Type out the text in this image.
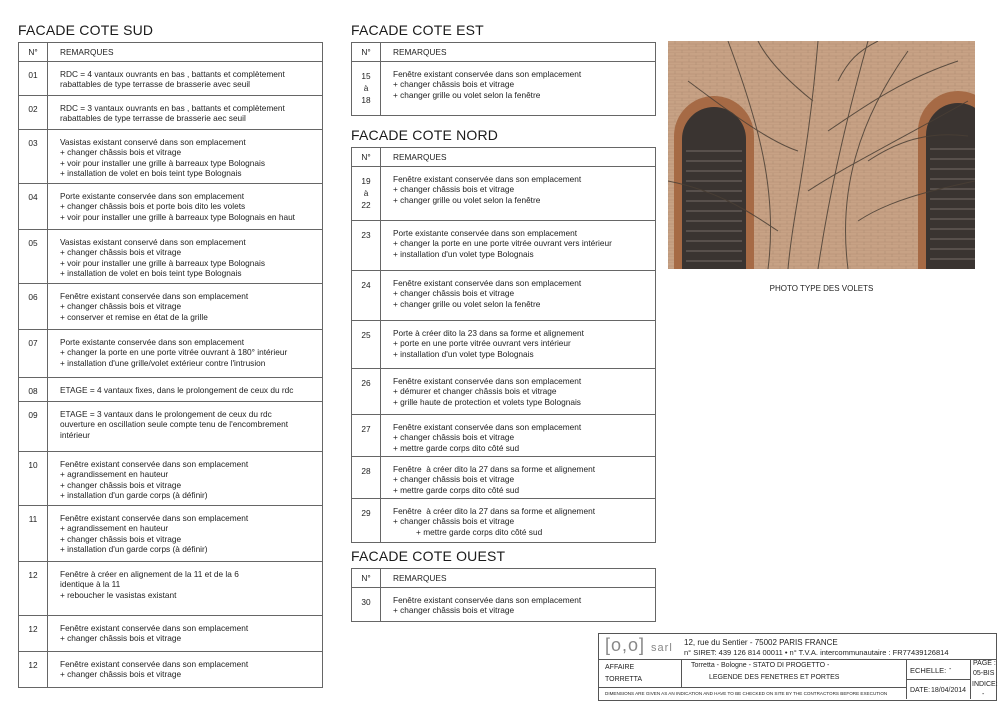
FACADE COTE SUD
N°	REMARQUES

01	RDC = 4 vantaux ouvrants en bas , battants et complètement
rabattables de type terrasse de brasserie avec seuil

02	RDC = 3 vantaux ouvrants en bas , battants et complètement
rabattables de type terrasse de brasserie aec seuil

03	Vasistas existant conservé dans son emplacement
+ changer châssis bois et vitrage
+ voir pour installer une grille à barreaux type Bolognais
+ installation de volet en bois teint type Bolognais

04	Porte existante conservée dans son emplacement
+ changer châssis bois et porte bois dito les volets
+ voir pour installer une grille à barreaux type Bolognais en haut

05	Vasistas existant conservé dans son emplacement
+ changer châssis bois et vitrage
+ voir pour installer une grille à barreaux type Bolognais
+ installation de volet en bois teint type Bolognais

06	Fenêtre existant conservée dans son emplacement
+ changer châssis bois et vitrage
+ conserver et remise en état de la grille

07	Porte existante conservée dans son emplacement
+ changer la porte en une porte vitrée ouvrant à 180° intérieur
+ installation d'une grille/volet extérieur contre l'intrusion

08	ETAGE = 4 vantaux fixes, dans le prolongement de ceux du rdc

09	ETAGE = 3 vantaux dans le prolongement de ceux du rdc
ouverture en oscillation seule compte tenu de l'encombrement
intérieur

10	Fenêtre existant conservée dans son emplacement
+ agrandissement en hauteur
+ changer châssis bois et vitrage
+ installation d'un garde corps (à définir)

11	Fenêtre existant conservée dans son emplacement
+ agrandissement en hauteur
+ changer châssis bois et vitrage
+ installation d'un garde corps (à définir)

12	Fenêtre à créer en alignement de la 11 et de la 6
identique à la 11
+ reboucher le vasistas existant

12	Fenêtre existant conservée dans son emplacement
+ changer châssis bois et vitrage

12	Fenêtre existant conservée dans son emplacement
+ changer châssis bois et vitrage
FACADE COTE EST
N°	REMARQUES

15
à
18	Fenêtre existant conservée dans son emplacement
+ changer châssis bois et vitrage
+ changer grille ou volet selon la fenêtre
FACADE COTE NORD
N°	REMARQUES

19
à
22	Fenêtre existant conservée dans son emplacement
+ changer châssis bois et vitrage
+ changer grille ou volet selon la fenêtre

23	Porte existante conservée dans son emplacement
+ changer la porte en une porte vitrée ouvrant vers intérieur
+ installation d'un volet type Bolognais

24	Fenêtre existant conservée dans son emplacement
+ changer châssis bois et vitrage
+ changer grille ou volet selon la fenêtre

25	Porte à créer dito la 23 dans sa forme et alignement
+ porte en une porte vitrée ouvrant vers intérieur
+ installation d'un volet type Bolognais

26	Fenêtre existant conservée dans son emplacement
+ démurer et changer châssis bois et vitrage
+ grille haute de protection et volets type Bolognais

27	Fenêtre existant conservée dans son emplacement
+ changer châssis bois et vitrage
+ mettre garde corps dito côté sud

28	Fenêtre  à créer dito la 27 dans sa forme et alignement
+ changer châssis bois et vitrage
+ mettre garde corps dito côté sud

29	Fenêtre  à créer dito la 27 dans sa forme et alignement
+ changer châssis bois et vitrage
+ mettre garde corps dito côté sud
FACADE COTE OUEST
N°	REMARQUES

30	Fenêtre existant conservée dans son emplacement
+ changer châssis bois et vitrage
PHOTO TYPE DES VOLETS
[o,o] sarl 12, rue du Sentier - 75002 PARIS FRANCE
n° SIRET: 439 126 814 00011 • n° T.V.A. intercommunautaire : FR77439126814
AFFAIRE
TORRETTA
Torretta - Bologne - STATO DI PROGETTO -
LEGENDE DES FENETRES ET PORTES
ECHELLE: -
DATE: 18/04/2014
PAGE :
05-BIS
INDICE:
-
DIMENSIONS ARE GIVEN AS AN INDICATION AND HAVE TO BE CHECKED ON SITE BY THE CONTRACTORS BEFORE EXECUTION
